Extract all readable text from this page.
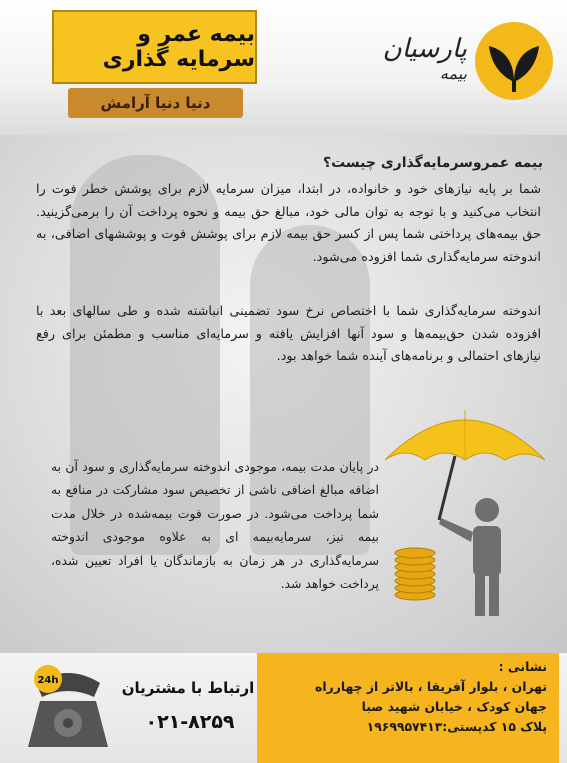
پارسیان
بیمه
بیمه عمر و سرمایه گذاری
دنیا دنیا آرامش
بیمه عمروسرمایه‌گذاری چیست؟

شما بر پایه نیازهای خود و خانواده، در ابتدا، میزان سرمایه لازم برای پوشش خطر فوت را انتخاب می‌کنید و با توجه به توان مالی خود، مبالغ حق بیمه و نحوه پرداخت آن را برمی‌گزینید. حق بیمه‌های پرداختی شما پس از کسر حق بیمه لازم برای پوشش فوت و پوششهای اضافی، به اندوخته سرمایه‌گذاری شما افزوده می‌شود.

اندوخته سرمایه‌گذاری شما با اختصاص نرخ سود تضمینی انباشته شده و طی سالهای بعد با افزوده شدن حق‌بیمه‌ها و سود آنها افزایش یافته و سرمایه‌ای مناسب و مطمئن برای رفع نیازهای احتمالی و برنامه‌های آینده شما خواهد بود.

در پایان مدت بیمه، موجودی اندوخته سرمایه‌گذاری و سود آن به اضافه مبالغ اضافی ناشی از تخصیص سود مشارکت در منافع به شما پرداخت می‌شود. در صورت فوت بیمه‌شده در خلال مدت بیمه نیز، سرمایه‌بیمه ای به علاوه موجودی اندوخته سرمایه‌گذاری در هر زمان به بازماندگان یا افراد تعیین شده، پرداخت خواهد شد.

24h	ارتباط با مشتریان
۰۲۱-۸۲۵۹
نشانی :
تهران ، بلوار آفریقا ، بالاتر از چهارراه
جهان کودک ، خیابان شهید صبا
پلاک ۱۵ کدپستی:۱۹۶۹۹۵۷۴۱۳
